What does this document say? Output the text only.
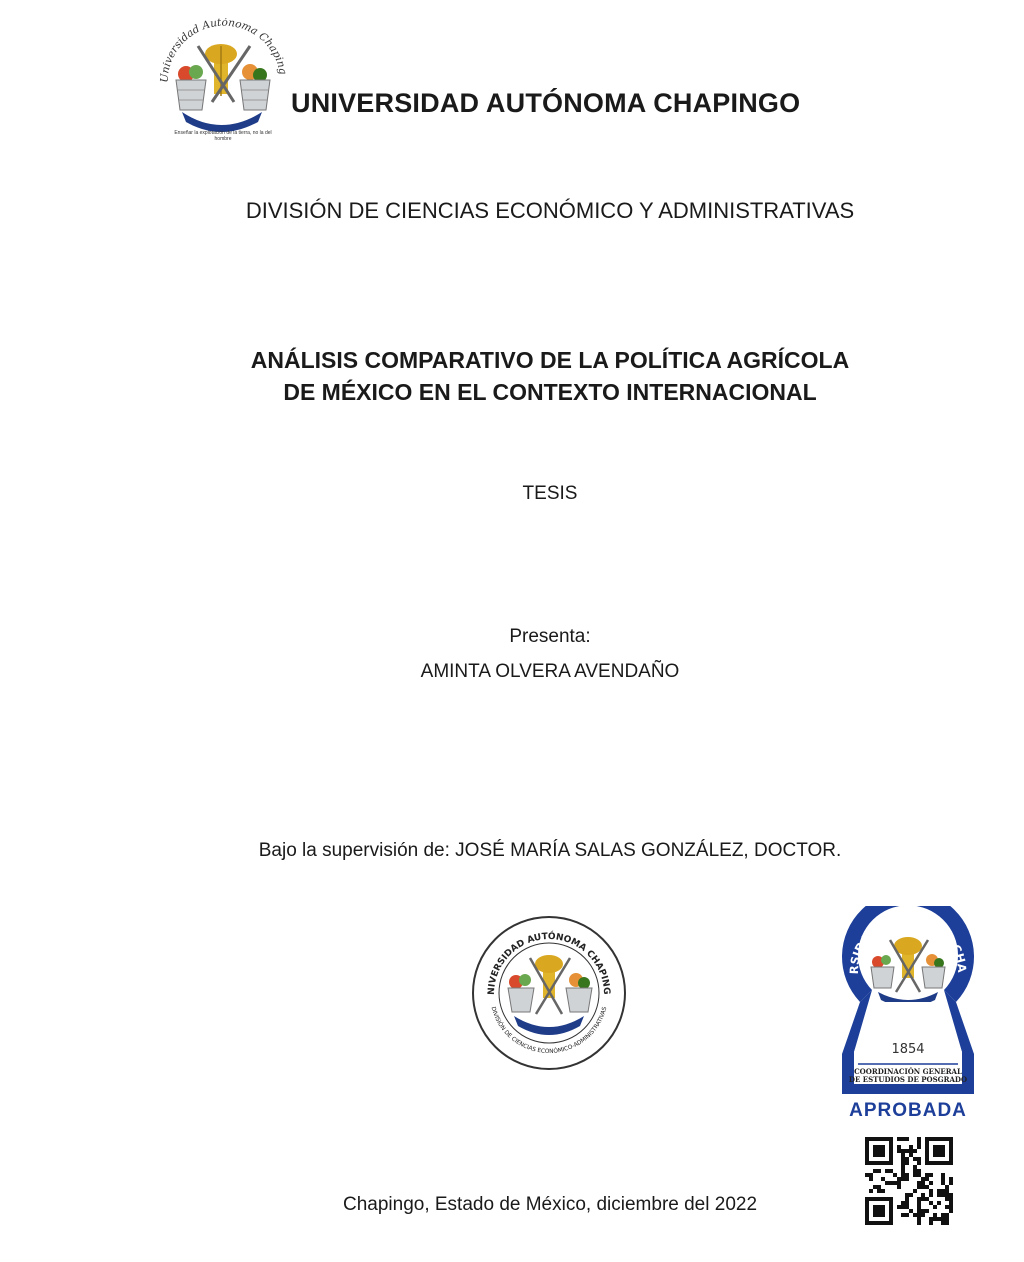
Universidad Autónoma Chaping
Enseñar la explotación de la tierra, no la del hombre
UNIVERSIDAD AUTÓNOMA CHAPINGO
DIVISIÓN DE CIENCIAS ECONÓMICO Y ADMINISTRATIVAS
ANÁLISIS COMPARATIVO DE LA POLÍTICA AGRÍCOLA
DE MÉXICO EN EL CONTEXTO INTERNACIONAL
TESIS
Presenta:
AMINTA OLVERA AVENDAÑO
Bajo la supervisión de: JOSÉ MARÍA SALAS GONZÁLEZ, DOCTOR.
NIVERSIDAD AUTÓNOMA CHAPING
DIVISIÓN DE CIENCIAS ECONÓMICO-ADMINISTRATIVAS
RSIDAD AUTÓNOMA CHA
1854
COORDINACIÓN GENERAL
DE ESTUDIOS DE POSGRADO
APROBADA
Chapingo, Estado de México, diciembre del 2022
